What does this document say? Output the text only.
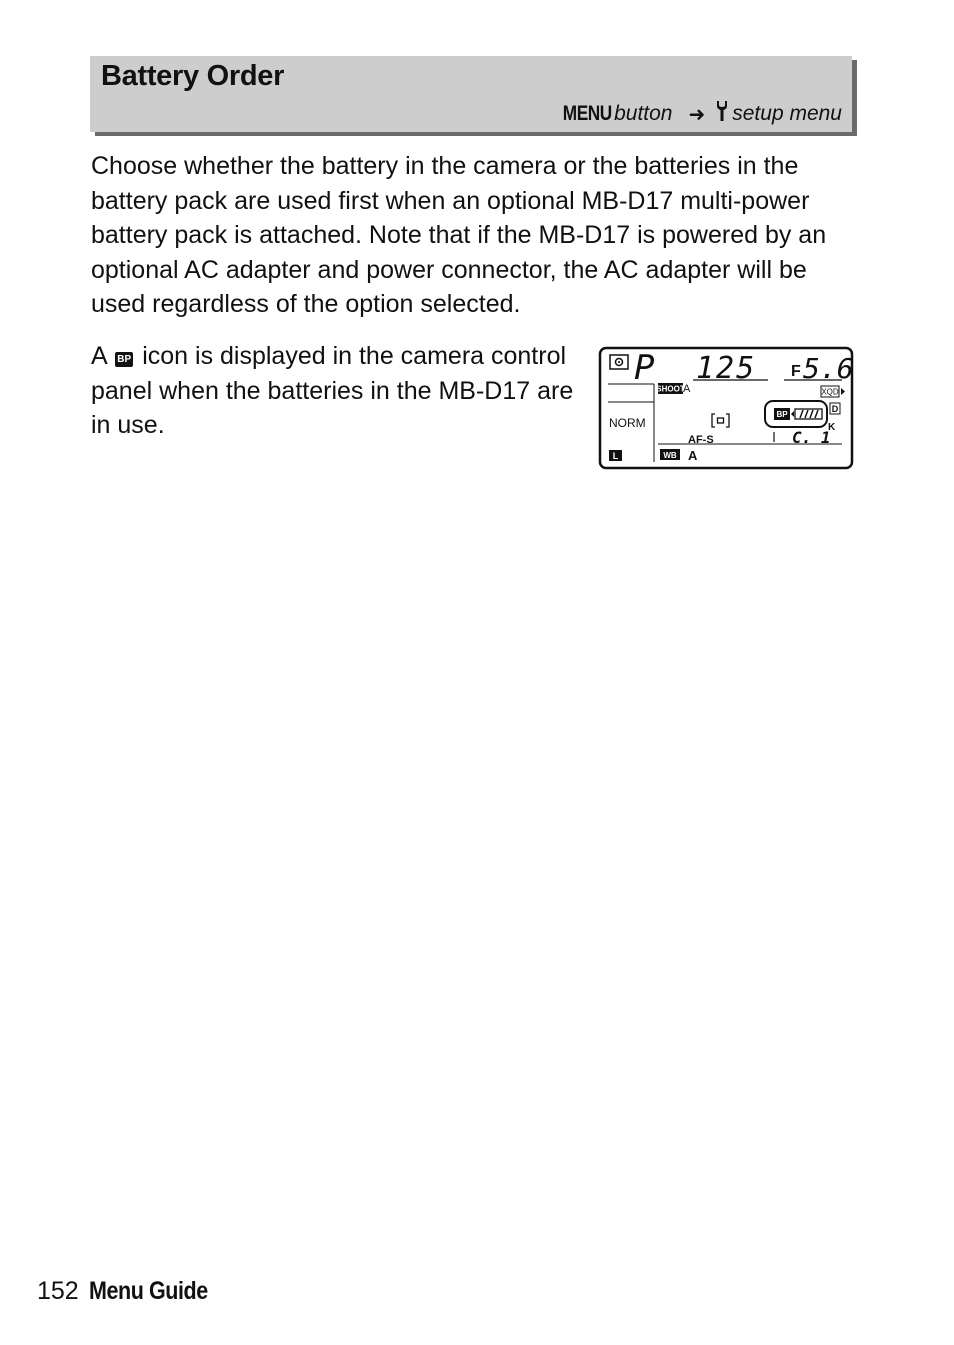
Battery Order
MENU button ➜ setup menu

Choose whether the battery in the camera or the batteries in the battery pack are used first when an optional MB-D17 multi-power battery pack is attached. Note that if the MB-D17 is powered by an optional AC adapter and power connector, the AC adapter will be used regardless of the option selected.

A BP icon is displayed in the camera control panel when the batteries in the MB-D17 are in use.

P 125 F 5.6
SHOOT
A	XQD
NORM
AF-S
BP
D
K
C. 1
L	WB A
152 Menu Guide
